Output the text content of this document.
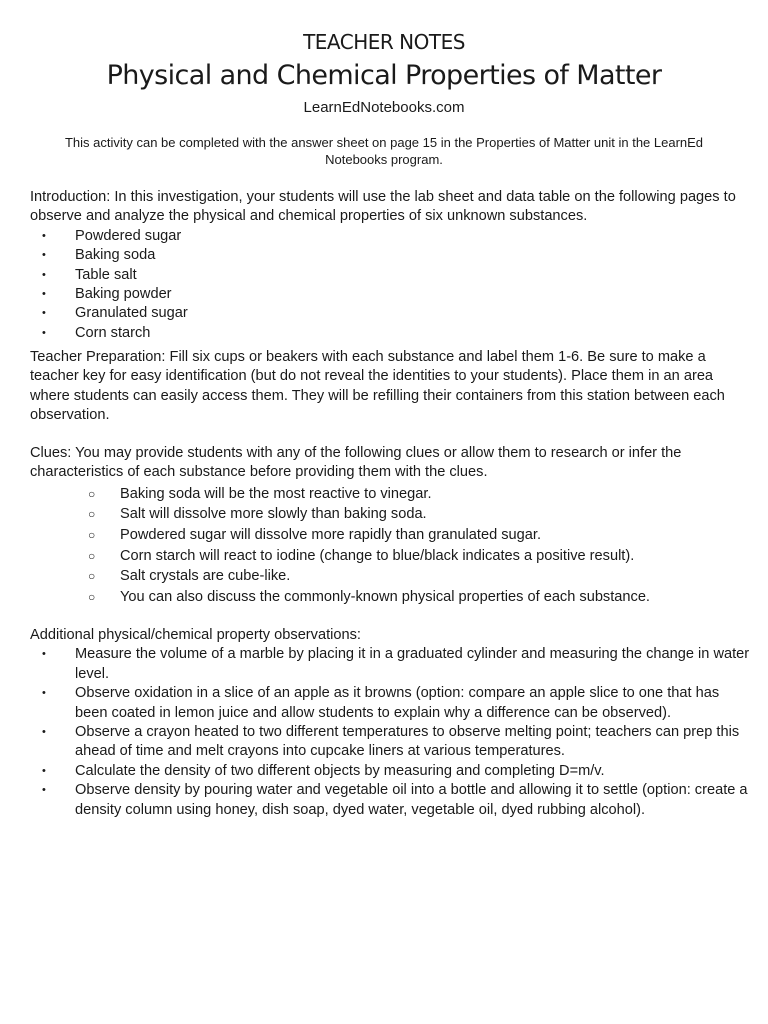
TEACHER NOTES
Physical and Chemical Properties of Matter
LearnEdNotebooks.com
This activity can be completed with the answer sheet on page 15 in the Properties of Matter unit in the LearnEd Notebooks program.

Introduction: In this investigation, your students will use the lab sheet and data table on the following pages to observe and analyze the physical and chemical properties of six unknown substances.

• Powdered sugar
• Baking soda
• Table salt
• Baking powder
• Granulated sugar
• Corn starch

Teacher Preparation: Fill six cups or beakers with each substance and label them 1-6. Be sure to make a teacher key for easy identification (but do not reveal the identities to your students). Place them in an area where students can easily access them. They will be refilling their containers from this station between each observation.

Clues: You may provide students with any of the following clues or allow them to research or infer the characteristics of each substance before providing them with the clues.

○ Baking soda will be the most reactive to vinegar.
○ Salt will dissolve more slowly than baking soda.
○ Powdered sugar will dissolve more rapidly than granulated sugar.
○ Corn starch will react to iodine (change to blue/black indicates a positive result).
○ Salt crystals are cube-like.
○ You can also discuss the commonly-known physical properties of each substance.

Additional physical/chemical property observations:

• Measure the volume of a marble by placing it in a graduated cylinder and measuring the change in water level.
• Observe oxidation in a slice of an apple as it browns (option: compare an apple slice to one that has been coated in lemon juice and allow students to explain why a difference can be observed).
• Observe a crayon heated to two different temperatures to observe melting point; teachers can prep this ahead of time and melt crayons into cupcake liners at various temperatures.
• Calculate the density of two different objects by measuring and completing D=m/v.
• Observe density by pouring water and vegetable oil into a bottle and allowing it to settle (option: create a density column using honey, dish soap, dyed water, vegetable oil, dyed rubbing alcohol).
